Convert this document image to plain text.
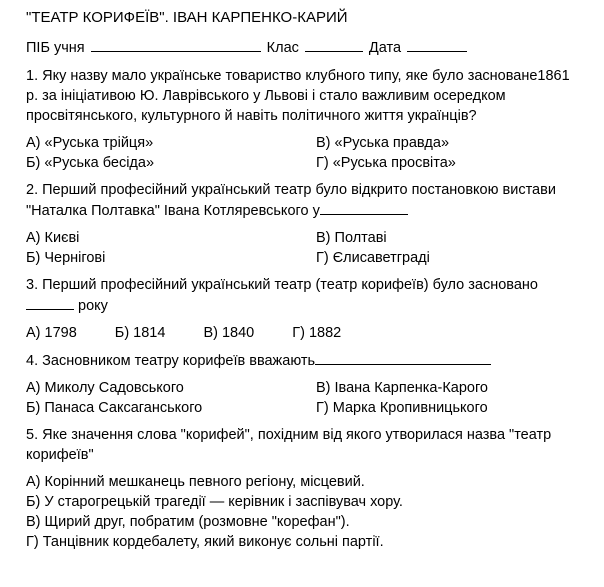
"ТЕАТР КОРИФЕЇВ". ІВАН КАРПЕНКО-КАРИЙ
ПІБ учня	Клас	Дата

1. Яку назву мало українське товариство клубного типу, яке було засноване1861 р. за ініціативою Ю. Лаврівського у Львові і стало важливим осередком просвітянського, культурного й навіть політичного життя українців?

А) «Руська трійця»	В) «Руська правда»
Б) «Руська бесіда»	Г) «Руська просвіта»

2. Перший професійний український театр було відкрито постановкою вистави "Наталка Полтавка" Івана Котляревського у

А) Києві	В) Полтаві
Б) Чернігові	Г) Єлисаветграді

3. Перший професійний український театр (театр корифеїв) було засновано  року

А) 1798	Б) 1814	В) 1840	Г) 1882

4. Засновником театру корифеїв вважають

А) Миколу Садовського	В) Івана Карпенка-Карого
Б) Панаса Саксаганського	Г) Марка Кропивницького

5. Яке значення слова "корифей", похідним від якого утворилася назва "театр корифеїв"

А) Корінний мешканець певного регіону, місцевий.
Б) У старогрецькій трагедії — керівник і заспівувач хору.
В) Щирий друг, побратим (розмовне "корефан").
Г) Танцівник кордебалету, який виконує сольні партії.
